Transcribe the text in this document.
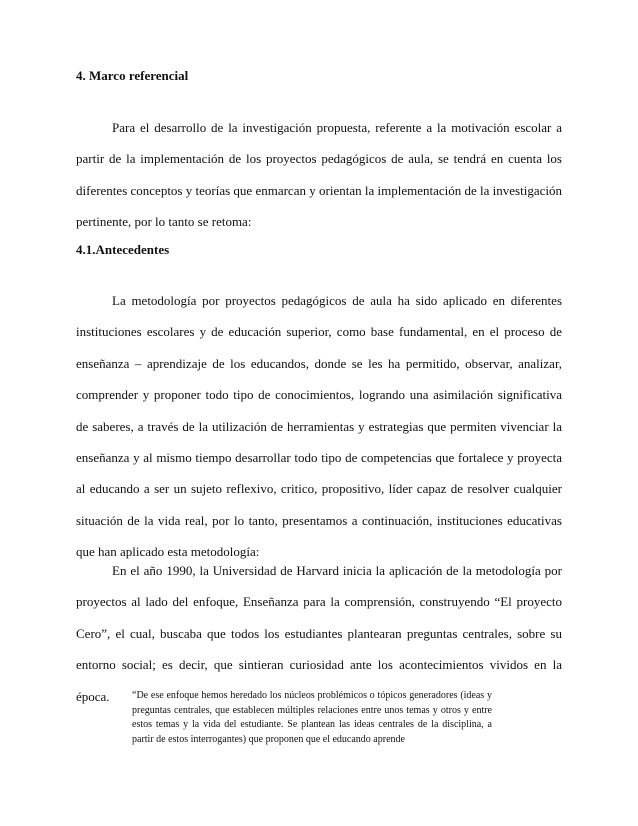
4. Marco referencial

Para el desarrollo de la investigación propuesta, referente a la motivación escolar a partir de la implementación de los proyectos pedagógicos de aula, se tendrá en cuenta los diferentes conceptos y teorías que enmarcan y orientan la implementación de la investigación pertinente, por lo tanto se retoma:

4.1.Antecedentes

La metodología por proyectos pedagógicos de aula ha sido aplicado en diferentes instituciones escolares y de educación superior, como base fundamental, en el proceso de enseñanza – aprendizaje de los educandos, donde se les ha permitido, observar, analizar, comprender y proponer todo tipo de conocimientos, logrando una asimilación significativa de saberes, a través de la utilización de herramientas y estrategias que permiten vivenciar la enseñanza y al mismo tiempo desarrollar todo tipo de competencias que fortalece y proyecta al educando a ser un sujeto reflexivo, critico, propositivo, líder capaz de resolver cualquier situación de la vida real, por lo tanto, presentamos a continuación, instituciones educativas que han aplicado esta metodología:

En el año 1990, la Universidad de Harvard inicia la aplicación de la metodología por proyectos al lado del enfoque, Enseñanza para la comprensión, construyendo “El proyecto Cero”, el cual, buscaba que todos los estudiantes plantearan preguntas centrales, sobre su entorno social; es decir, que sintieran curiosidad ante los acontecimientos vividos en la época.	“De ese enfoque hemos heredado los núcleos problémicos o tópicos generadores (ideas y preguntas centrales, que establecen múltiples relaciones entre unos temas y otros y entre estos temas y la vida del estudiante. Se plantean las ideas centrales de la disciplina, a partir de estos interrogantes) que proponen que el educando aprende
